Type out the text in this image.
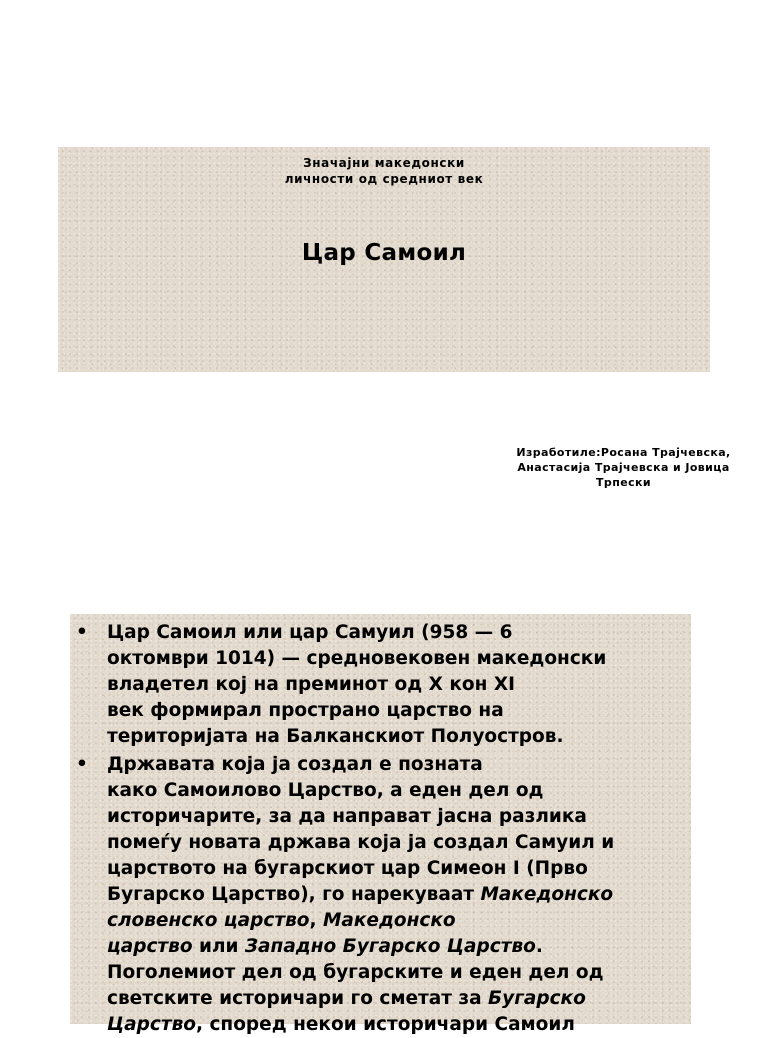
Значајни македонски
личности од средниот век
Цар Самоил
Изработиле:Росана Трајчевска,
Анастасија Трајчевска и Јовица
Трпески
• Цар Самоил или цар Самуил (958 — 6
октомври 1014) — средновековен македонски
владетел кој на преминот од X кон XI
век формирал пространо царство на
територијата на Балканскиот Полуостров.
• Државата која ја создал е позната
како Самоилово Царство, а еден дел од
историчарите, за да направат јасна разлика
помеѓу новата држава која ја создал Самуил и
царството на бугарскиот цар Симеон I (Прво
Бугарско Царство), го нарекуваат Македонско
словенско царство, Македонско
царство или Западно Бугарско Царство.
Поголемиот дел од бугарските и еден дел од
светските историчари го сметат за Бугарско
Царство, според некои историчари Самоил
